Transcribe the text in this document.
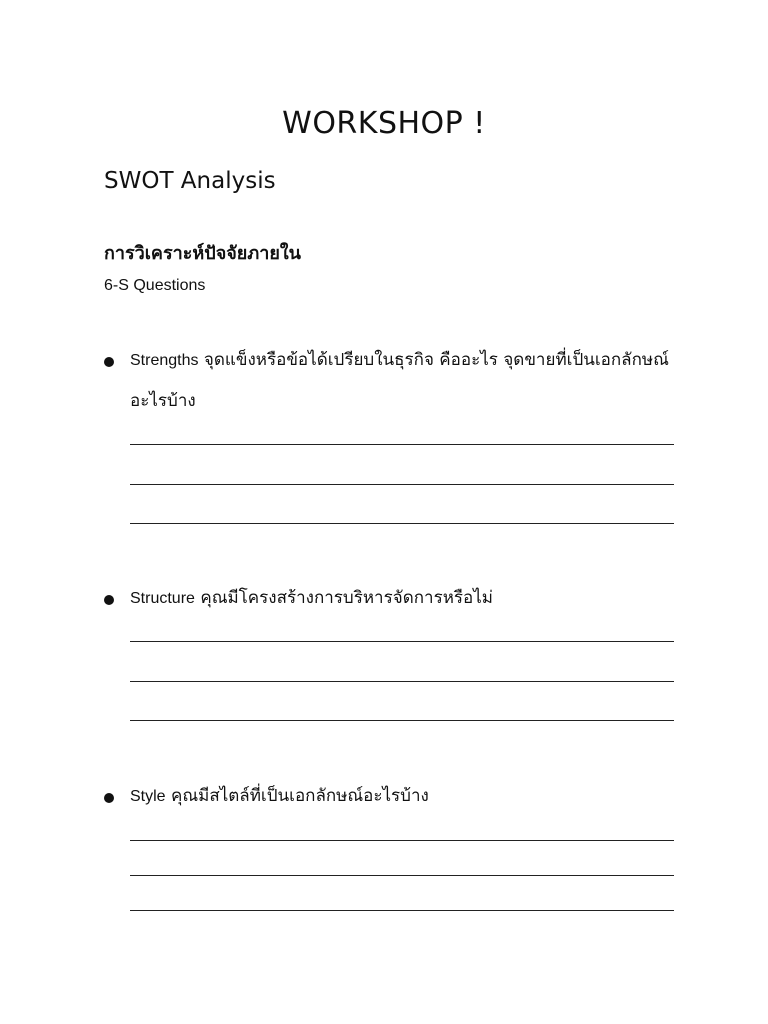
WORKSHOP !
SWOT Analysis
การวิเคราะห์ปัจจัยภายใน

6-S Questions

Strengths จุดแข็งหรือข้อได้เปรียบในธุรกิจ คืออะไร จุดขายที่เป็นเอกลักษณ์อะไรบ้าง
Structure คุณมีโครงสร้างการบริหารจัดการหรือไม่
Style คุณมีสไตล์ที่เป็นเอกลักษณ์อะไรบ้าง
